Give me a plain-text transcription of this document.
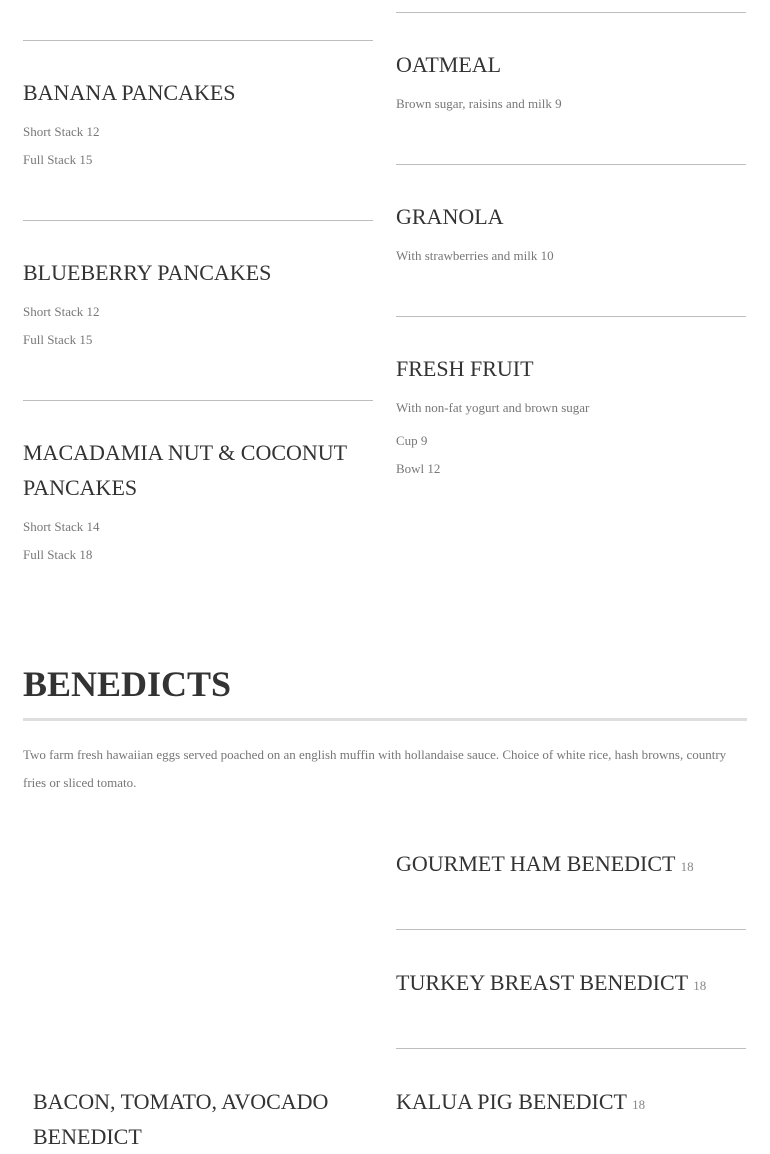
BANANA PANCAKES

Short Stack 12

Full Stack 15

BLUEBERRY PANCAKES

Short Stack 12

Full Stack 15

MACADAMIA NUT & COCONUT PANCAKES

Short Stack 14

Full Stack 18

OATMEAL

Brown sugar, raisins and milk 9

GRANOLA

With strawberries and milk 10

FRESH FRUIT

With non-fat yogurt and brown sugar

Cup 9

Bowl 12

BENEDICTS

Two farm fresh hawaiian eggs served poached on an english muffin with hollandaise sauce. Choice of white rice, hash browns, country fries or sliced tomato.

GOURMET HAM BENEDICT 18
TURKEY BREAST BENEDICT 18
KALUA PIG BENEDICT 18
BACON, TOMATO, AVOCADO BENEDICT
